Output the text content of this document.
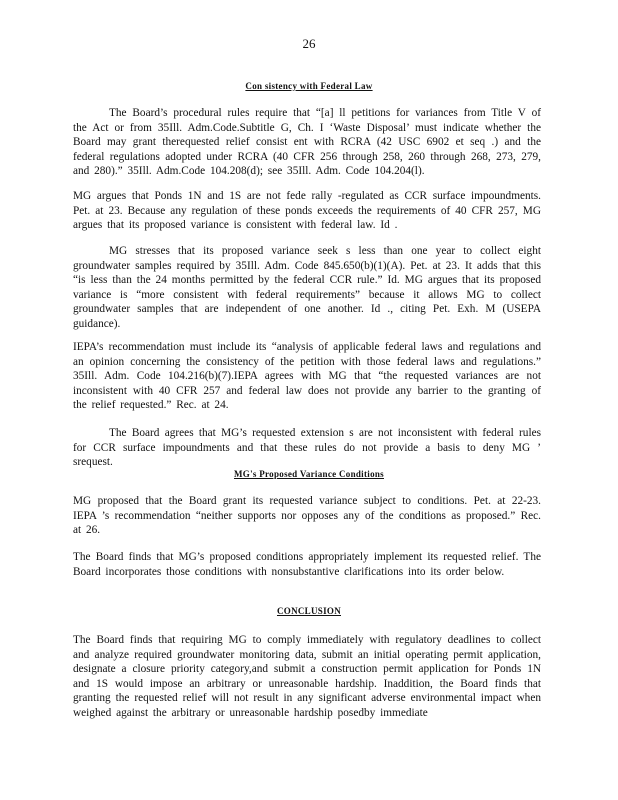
26
Con sistency with Federal Law

The Board’s procedural rules require that “[a] ll petitions for variances from Title V of the Act or from 35Ill. Adm.Code.Subtitle G, Ch. I ‘Waste Disposal’ must indicate whether the Board may grant therequested relief consist ent with RCRA (42 USC 6902 et seq .) and the federal regulations adopted under RCRA (40 CFR 256 through 258, 260 through 268, 273, 279, and 280).” 35Ill. Adm.Code 104.208(d); see 35Ill. Adm. Code 104.204(l).

MG argues that Ponds 1N and 1S are not fede rally -regulated as CCR surface impoundments. Pet. at 23. Because any regulation of these ponds exceeds the requirements of 40 CFR 257, MG argues that its proposed variance is consistent with federal law. Id .

MG stresses that its proposed variance seek s less than one year to collect eight groundwater samples required by 35Ill. Adm. Code 845.650(b)(1)(A). Pet. at 23. It adds that this “is less than the 24 months permitted by the federal CCR rule.” Id. MG argues that its proposed variance is “more consistent with federal requirements” because it allows MG to collect groundwater samples that are independent of one another. Id ., citing Pet. Exh. M (USEPA guidance).

IEPA’s recommendation must include its “analysis of applicable federal laws and regulations and an opinion concerning the consistency of the petition with those federal laws and regulations.” 35Ill. Adm. Code 104.216(b)(7).IEPA agrees with MG that “the requested variances are not inconsistent with 40 CFR 257 and federal law does not provide any barrier to the granting of the relief requested.” Rec. at 24.

The Board agrees that MG’s requested extension s are not inconsistent with federal rules for CCR surface impoundments and that these rules do not provide a basis to deny MG ’ srequest.

MG's Proposed Variance Conditions

MG proposed that the Board grant its requested variance subject to conditions. Pet. at 22-23. IEPA ’s recommendation “neither supports nor opposes any of the conditions as proposed.” Rec. at 26.

The Board finds that MG’s proposed conditions appropriately implement its requested relief. The Board incorporates those conditions with nonsubstantive clarifications into its order below.

CONCLUSION

The Board finds that requiring MG to comply immediately with regulatory deadlines to collect and analyze required groundwater monitoring data, submit an initial operating permit application, designate a closure priority category,and submit a construction permit application for Ponds 1N and 1S would impose an arbitrary or unreasonable hardship. Inaddition, the Board finds that granting the requested relief will not result in any significant adverse environmental impact when weighed against the arbitrary or unreasonable hardship posedby immediate
